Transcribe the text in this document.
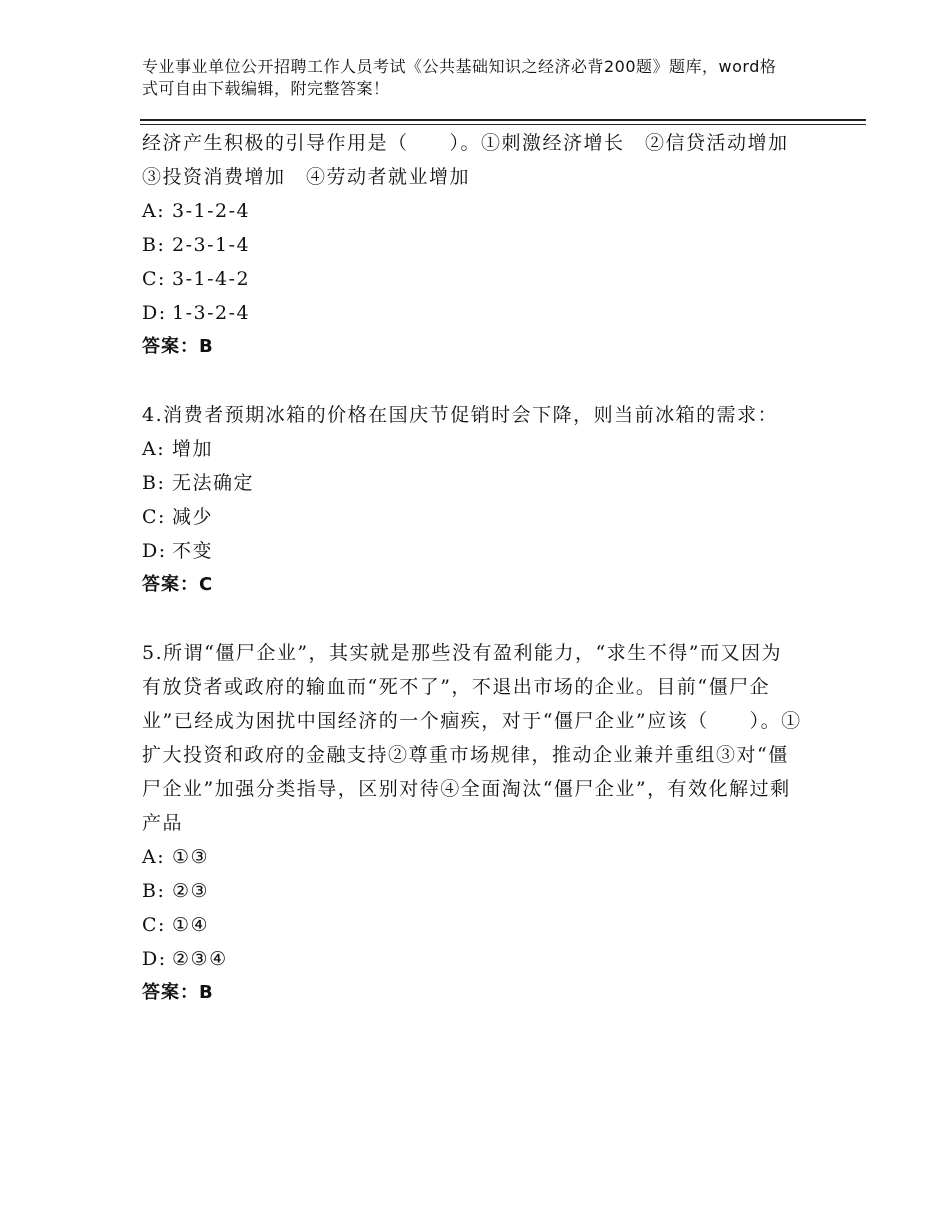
专业事业单位公开招聘工作人员考试《公共基础知识之经济必背200题》题库，word格式可自由下载编辑，附完整答案！

经济产生积极的引导作用是（　　）。①刺激经济增长　②信贷活动增加　③投资消费增加　④劳动者就业增加

A: 3-1-2-4
B: 2-3-1-4
C: 3-1-4-2
D: 1-3-2-4
答案：B

4.消费者预期冰箱的价格在国庆节促销时会下降，则当前冰箱的需求：

A: 增加
B: 无法确定
C: 减少
D: 不变
答案：C

5.所谓“僵尸企业”，其实就是那些没有盈利能力，“求生不得”而又因为有放贷者或政府的输血而“死不了”，不退出市场的企业。目前“僵尸企业”已经成为困扰中国经济的一个痼疾，对于“僵尸企业”应该（　　）。①扩大投资和政府的金融支持②尊重市场规律，推动企业兼并重组③对“僵尸企业”加强分类指导，区别对待④全面淘汰“僵尸企业”，有效化解过剩产品

A: ①③
B: ②③
C: ①④
D: ②③④
答案：B
